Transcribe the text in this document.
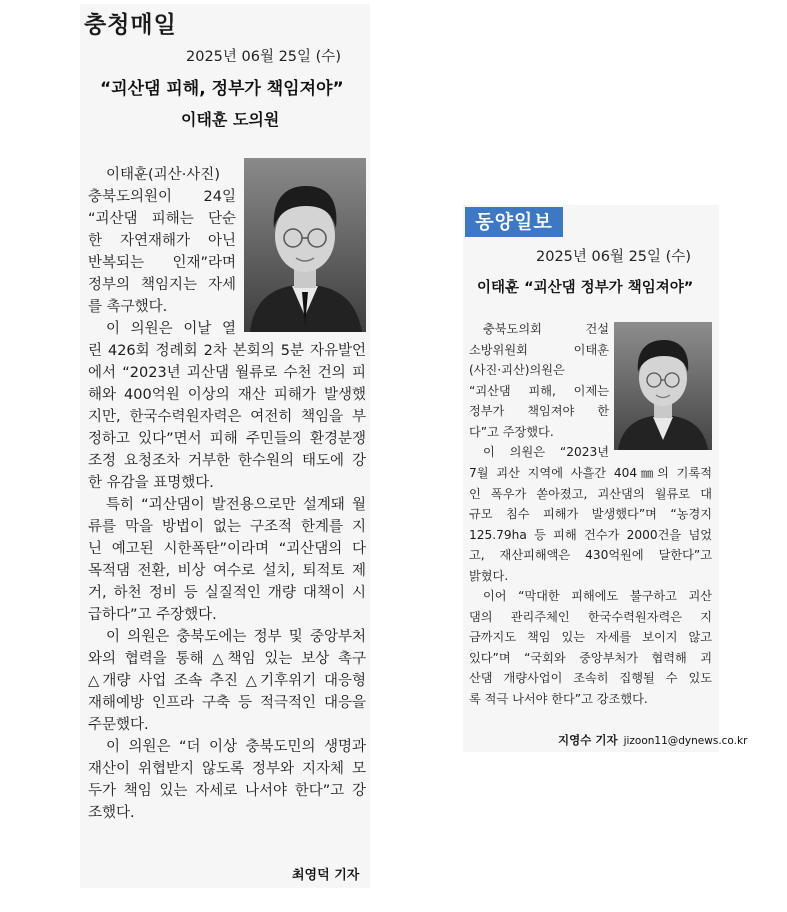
충청매일
2025년 06월 25일 (수)
“괴산댐 피해, 정부가 책임져야”
이태훈 도의원
이태훈(괴산·사진)
충북도의원이 24일
“괴산댐 피해는 단순
한 자연재해가 아닌
반복되는 인재”라며
정부의 책임지는 자세
를 촉구했다.
이 의원은 이날 열
린 426회 정례회 2차 본회의 5분 자유발언
에서 “2023년 괴산댐 월류로 수천 건의 피
해와 400억원 이상의 재산 피해가 발생했
지만, 한국수력원자력은 여전히 책임을 부
정하고 있다”면서 피해 주민들의 환경분쟁
조정 요청조차 거부한 한수원의 태도에 강
한 유감을 표명했다.
특히 “괴산댐이 발전용으로만 설계돼 월
류를 막을 방법이 없는 구조적 한계를 지
닌 예고된 시한폭탄”이라며 “괴산댐의 다
목적댐 전환, 비상 여수로 설치, 퇴적토 제
거, 하천 정비 등 실질적인 개량 대책이 시
급하다”고 주장했다.
이 의원은 충북도에는 정부 및 중앙부처
와의 협력을 통해 △책임 있는 보상 촉구
△개량 사업 조속 추진 △기후위기 대응형
재해예방 인프라 구축 등 적극적인 대응을
주문했다.
이 의원은 “더 이상 충북도민의 생명과
재산이 위협받지 않도록 정부와 지자체 모
두가 책임 있는 자세로 나서야 한다”고 강
조했다.
최영덕 기자
동양일보
2025년 06월 25일 (수)
이태훈 “괴산댐 정부가 책임져야”
충북도의회 건설
소방위원회 이태훈
(사진·괴산)의원은
“괴산댐 피해, 이제는
정부가 책임져야 한
다”고 주장했다.
이 의원은 “2023년
7월 괴산 지역에 사흘간 404㎜의 기록적
인 폭우가 쏟아졌고, 괴산댐의 월류로 대
규모 침수 피해가 발생했다”며 “농경지
125.79ha 등 피해 건수가 2000건을 넘었
고, 재산피해액은 430억원에 달한다”고
밝혔다.
이어 “막대한 피해에도 불구하고 괴산
댐의 관리주체인 한국수력원자력은 지
금까지도 책임 있는 자세를 보이지 않고
있다”며 “국회와 중앙부처가 협력해 괴
산댐 개량사업이 조속히 집행될 수 있도
록 적극 나서야 한다”고 강조했다.
지영수 기자 jizoon11@dynews.co.kr
